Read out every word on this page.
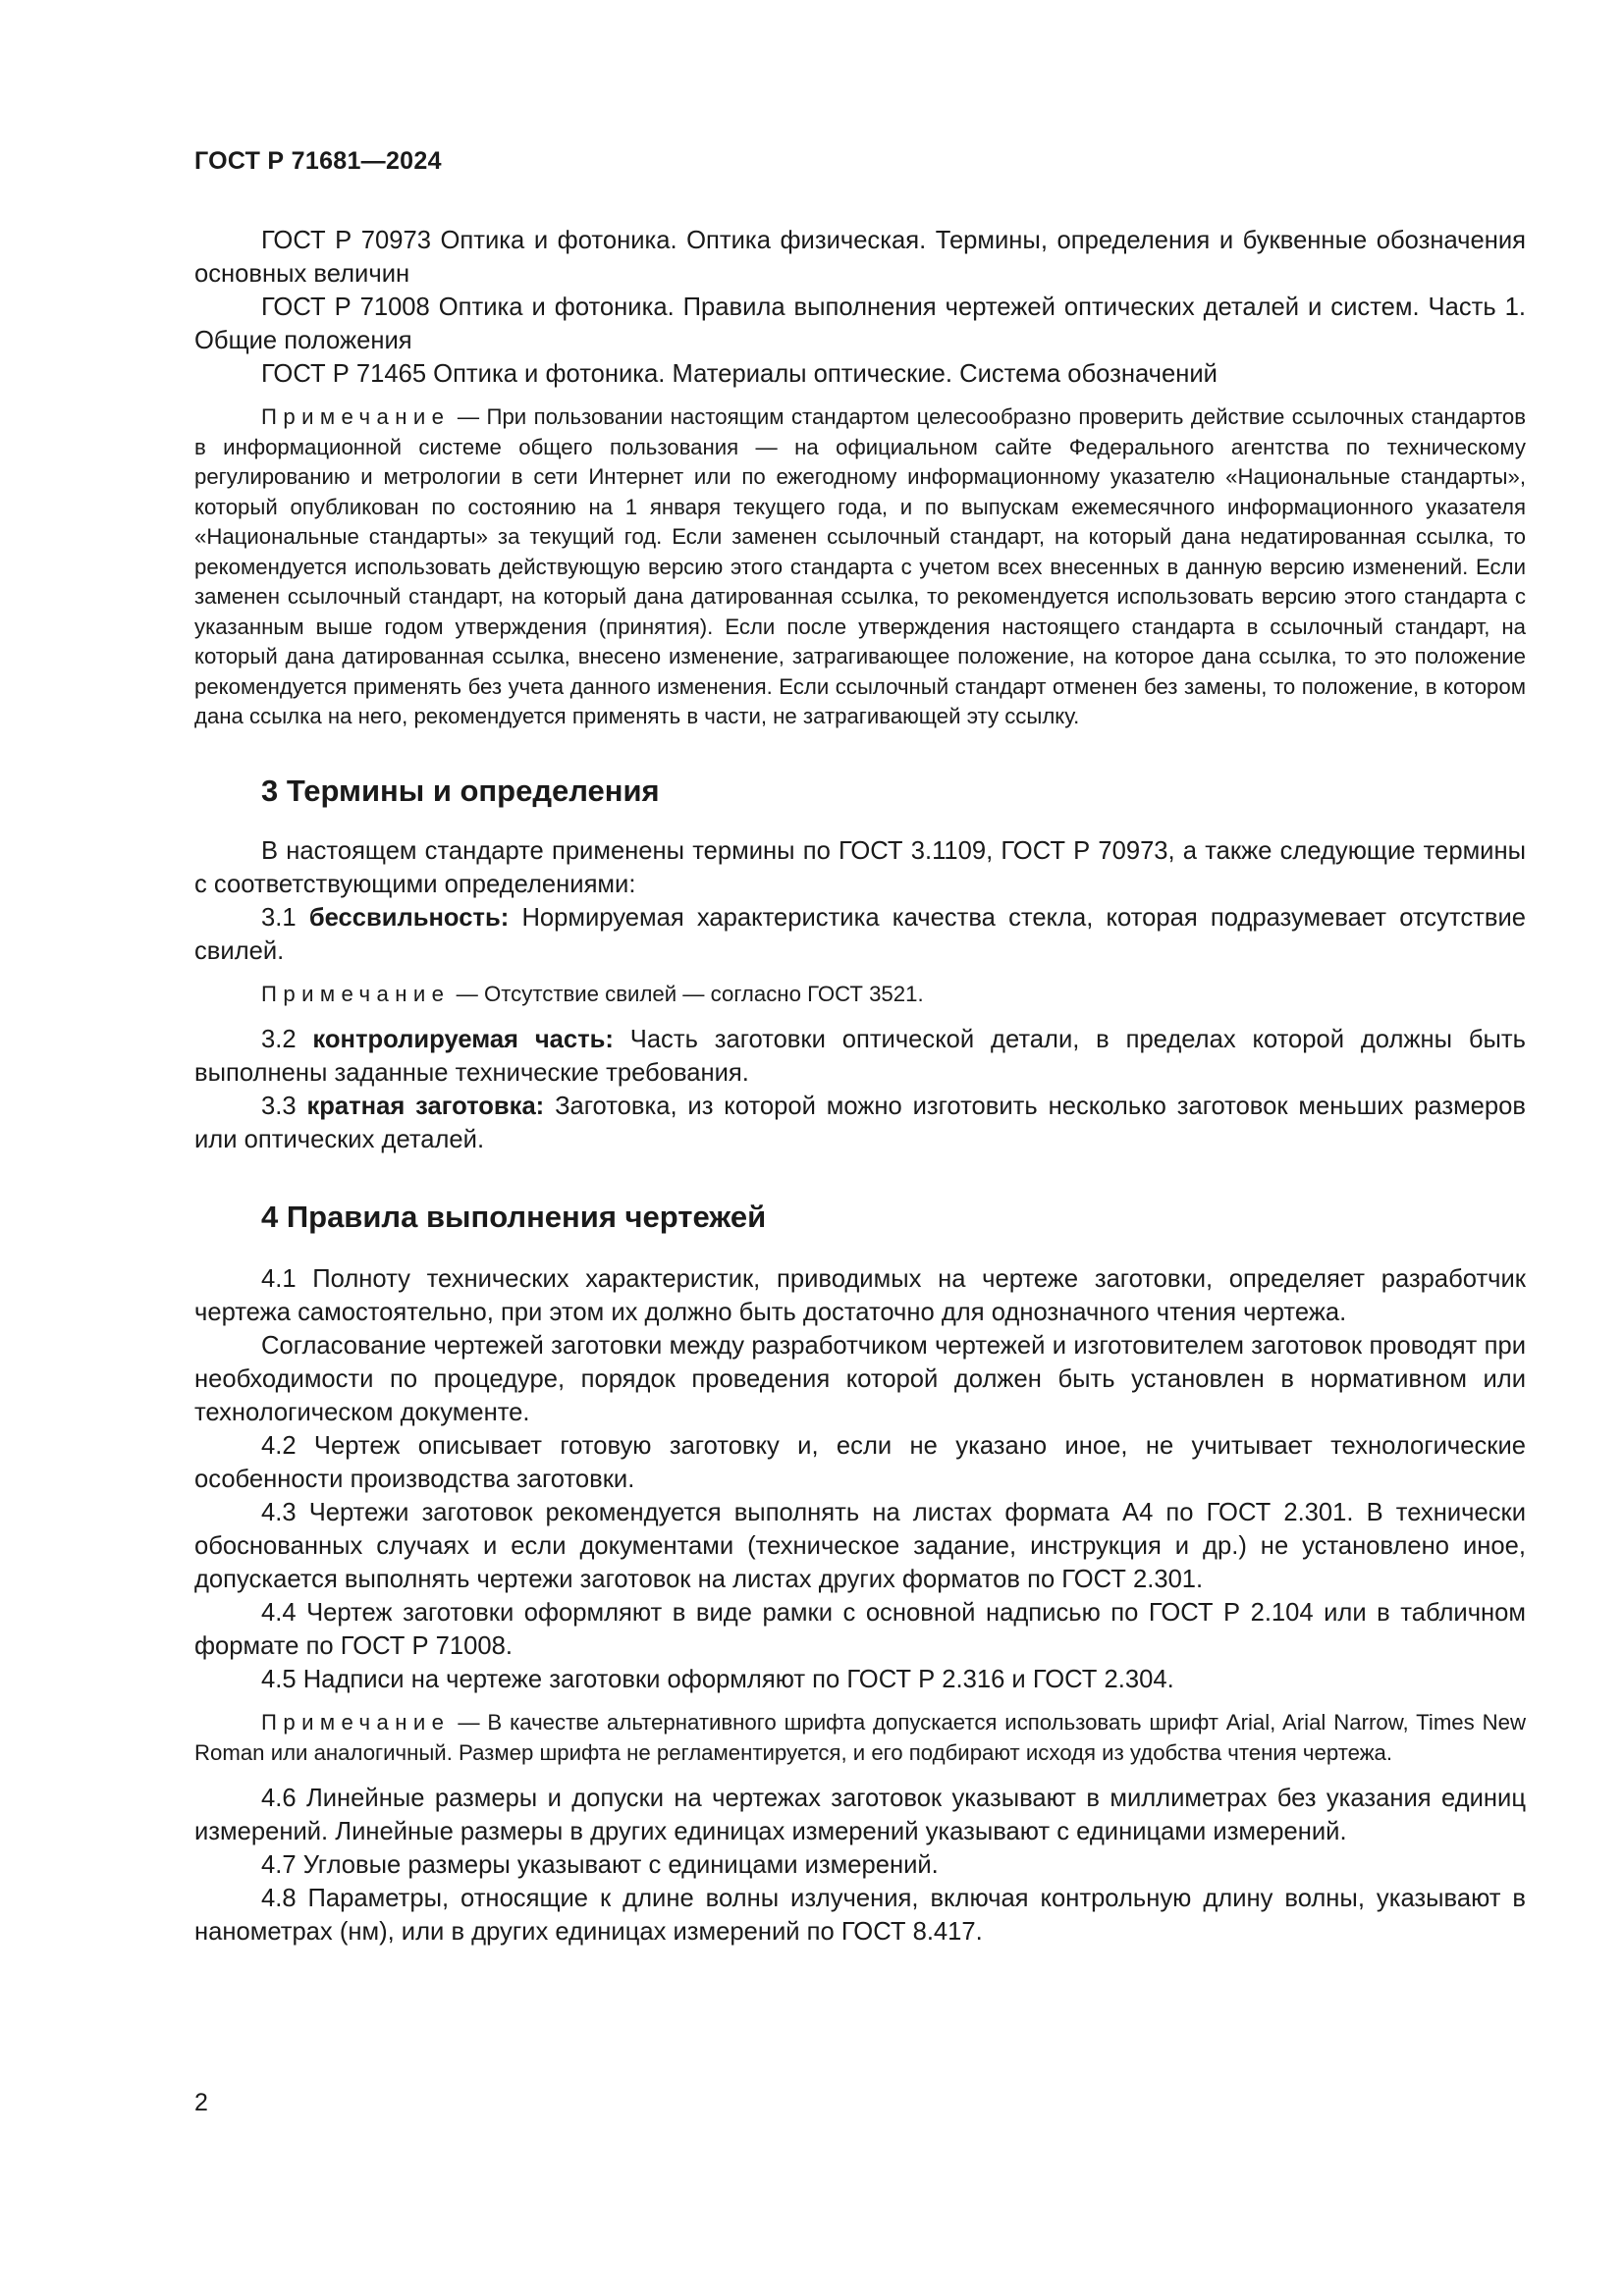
ГОСТ Р 71681—2024

ГОСТ Р 70973 Оптика и фотоника. Оптика физическая. Термины, определения и буквенные обозначения основных величин

ГОСТ Р 71008 Оптика и фотоника. Правила выполнения чертежей оптических деталей и систем. Часть 1. Общие положения

ГОСТ Р 71465 Оптика и фотоника. Материалы оптические. Система обозначений

Примечание — При пользовании настоящим стандартом целесообразно проверить действие ссылочных стандартов в информационной системе общего пользования — на официальном сайте Федерального агентства по техническому регулированию и метрологии в сети Интернет или по ежегодному информационному указателю «Национальные стандарты», который опубликован по состоянию на 1 января текущего года, и по выпускам ежемесячного информационного указателя «Национальные стандарты» за текущий год. Если заменен ссылочный стандарт, на который дана недатированная ссылка, то рекомендуется использовать действующую версию этого стандарта с учетом всех внесенных в данную версию изменений. Если заменен ссылочный стандарт, на который дана датированная ссылка, то рекомендуется использовать версию этого стандарта с указанным выше годом утверждения (принятия). Если после утверждения настоящего стандарта в ссылочный стандарт, на который дана датированная ссылка, внесено изменение, затрагивающее положение, на которое дана ссылка, то это положение рекомендуется применять без учета данного изменения. Если ссылочный стандарт отменен без замены, то положение, в котором дана ссылка на него, рекомендуется применять в части, не затрагивающей эту ссылку.

3 Термины и определения

В настоящем стандарте применены термины по ГОСТ 3.1109, ГОСТ Р 70973, а также следующие термины с соответствующими определениями:

3.1 бессвильность: Нормируемая характеристика качества стекла, которая подразумевает отсутствие свилей.

Примечание — Отсутствие свилей — согласно ГОСТ 3521.

3.2 контролируемая часть: Часть заготовки оптической детали, в пределах которой должны быть выполнены заданные технические требования.

3.3 кратная заготовка: Заготовка, из которой можно изготовить несколько заготовок меньших размеров или оптических деталей.

4 Правила выполнения чертежей

4.1 Полноту технических характеристик, приводимых на чертеже заготовки, определяет разработчик чертежа самостоятельно, при этом их должно быть достаточно для однозначного чтения чертежа.

Согласование чертежей заготовки между разработчиком чертежей и изготовителем заготовок проводят при необходимости по процедуре, порядок проведения которой должен быть установлен в нормативном или технологическом документе.

4.2 Чертеж описывает готовую заготовку и, если не указано иное, не учитывает технологические особенности производства заготовки.

4.3 Чертежи заготовок рекомендуется выполнять на листах формата А4 по ГОСТ 2.301. В технически обоснованных случаях и если документами (техническое задание, инструкция и др.) не установлено иное, допускается выполнять чертежи заготовок на листах других форматов по ГОСТ 2.301.

4.4 Чертеж заготовки оформляют в виде рамки с основной надписью по ГОСТ Р 2.104 или в табличном формате по ГОСТ Р 71008.

4.5 Надписи на чертеже заготовки оформляют по ГОСТ Р 2.316 и ГОСТ 2.304.

Примечание — В качестве альтернативного шрифта допускается использовать шрифт Arial, Arial Narrow, Times New Roman или аналогичный. Размер шрифта не регламентируется, и его подбирают исходя из удобства чтения чертежа.

4.6 Линейные размеры и допуски на чертежах заготовок указывают в миллиметрах без указания единиц измерений. Линейные размеры в других единицах измерений указывают с единицами измерений.

4.7 Угловые размеры указывают с единицами измерений.

4.8 Параметры, относящие к длине волны излучения, включая контрольную длину волны, указывают в нанометрах (нм), или в других единицах измерений по ГОСТ 8.417.

2
